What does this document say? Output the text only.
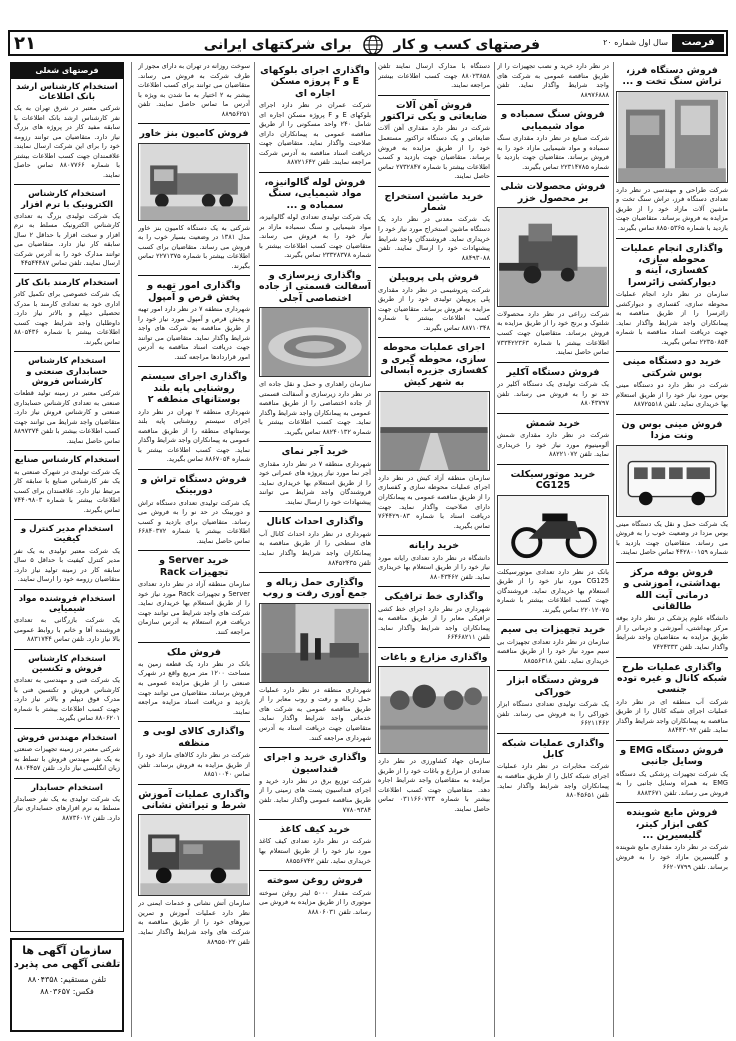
فرصت
سال اول شماره ۲۰
فرصتهای کسب و کار  برای شرکتهای ایرانی
۲۱
فروش دستگاه فرز، تراش سنگ تخت و ...

شرکت طراحی و مهندسی در نظر دارد تعدادی دستگاه فرز، تراش سنگ تخت و ماشین آلات مازاد خود را از طریق مزایده به فروش برساند. متقاضیان جهت بازدید با شماره ۸۸۵۰۵۳۶۵ تماس بگیرند.

واگذاری انجام عملیات محوطه سازی، کفسازی، آینه و دیوارکشی زائرسرا

سازمان در نظر دارد انجام عملیات محوطه سازی، کفسازی و دیوارکشی زائرسرا را از طریق مناقصه به پیمانکاران واجد شرایط واگذار نماید. جهت دریافت اسناد مناقصه با شماره ۲۲۳۵۰۸۵۴ تماس بگیرید.

خرید دو دستگاه مینی بوس شرکتی

شرکت در نظر دارد دو دستگاه مینی بوس مورد نیاز خود را از طریق استعلام بها خریداری نماید. تلفن ۸۸۷۲۵۵۱۸

فروش مینی بوس ون ونت مزدا

یک شرکت حمل و نقل یک دستگاه مینی بوس مزدا در وضعیت خوب را به فروش می رساند. متقاضیان جهت بازدید با شماره ۴۴۲۸۰۰۱۵۹ تماس حاصل نمایند.

فروش بوفه مرکز بهداشتی، آموزشی و درمانی آیت الله طالقانی

دانشگاه علوم پزشکی در نظر دارد بوفه مرکز بهداشتی، آموزشی و درمانی را از طریق مزایده به متقاضیان واجد شرایط واگذار نماید. تلفن ۷۴۲۴۳۳۳

واگذاری عملیات طرح شبکه کانال و غیره توده جنسی

شرکت آب منطقه ای در نظر دارد عملیات اجرای شبکه کانال را از طریق مناقصه به پیمانکاران واجد شرایط واگذار نماید. تلفن ۸۸۴۴۳۰۹۲

فروش دستگاه EMG و وسایل جانبی

یک شرکت تجهیزات پزشکی یک دستگاه EMG به همراه وسایل جانبی را به فروش می رساند. تلفن ۸۸۸۳۶۷۱

فروش مایع شوینده کفی ابزار کیتر، گلیسیرین ...

شرکت در نظر دارد مقداری مایع شوینده و گلیسیرین مازاد خود را به فروش برساند. تلفن ۶۶۲۰۷۷۹۹

در نظر دارد خرید و نصب تجهیزات را از طریق مناقصه عمومی به شرکت های واجد شرایط واگذار نماید. تلفن ۸۸۹۷۶۸۸۸

فروش سنگ سمباده و مواد شیمیایی

شرکت صنایع در نظر دارد مقداری سنگ سمباده و مواد شیمیایی مازاد خود را به فروش برساند. متقاضیان جهت بازدید با شماره ۲۲۳۱۴۷۸۵ تماس بگیرند.

فروش محصولات شلی بر محصول خزر

شرکت زراعی در نظر دارد محصولات شلتوک و برنج خود را از طریق مزایده به فروش برساند. متقاضیان جهت کسب اطلاعات بیشتر با شماره ۷۳۳۴۲۲۳۶۳ تماس حاصل نمایند.

فروش دستگاه آکلیر

یک شرکت تولیدی یک دستگاه آکلیر در حد نو را به فروش می رساند. تلفن ۸۸۰۴۳۷۹۷

خرید شمش

شرکت در نظر دارد مقداری شمش آلومینیوم مورد نیاز خود را خریداری نماید. تلفن ۸۸۲۲۱۰۷۲

خرید موتورسیکلت CG125

بانک در نظر دارد تعدادی موتورسیکلت CG125 مورد نیاز خود را از طریق استعلام بها خریداری نماید. فروشندگان جهت کسب اطلاعات بیشتر با شماره ۲۲۰۱۲۰۷۵ تماس بگیرند.

خرید تجهیزات بی سیم

سازمان در نظر دارد تعدادی تجهیزات بی سیم مورد نیاز خود را از طریق مناقصه خریداری نماید. تلفن ۸۸۵۵۶۳۱۸

فروش دستگاه ابزار خوراکی

یک شرکت تولیدی تعدادی دستگاه ابزار خوراکی را به فروش می رساند. تلفن ۶۶۲۱۱۴۶۲

واگذاری عملیات شبکه کابل

شرکت مخابرات در نظر دارد عملیات اجرای شبکه کابل را از طریق مناقصه به پیمانکاران واجد شرایط واگذار نماید. تلفن ۸۸۰۴۵۶۵۱

دستگاه با مدارک ارسال نمایند تلفن ۸۸۰۲۳۸۵۸ جهت کسب اطلاعات بیشتر مراجعه نمایند.

فروش آهن آلات ضایعاتی و یکی تراکتور

شرکت در نظر دارد مقداری آهن آلات ضایعاتی و یک دستگاه تراکتور مستعمل خود را از طریق مزایده به فروش برساند. متقاضیان جهت بازدید و کسب اطلاعات بیشتر با شماره ۲۷۳۲۸۴۷ تماس حاصل نمایند.

خرید ماشین استخراج شمار

یک شرکت معدنی در نظر دارد یک دستگاه ماشین استخراج مورد نیاز خود را خریداری نماید. فروشندگان واجد شرایط پیشنهادات خود را ارسال نمایند. تلفن ۸۸۴۹۳۰۸۸

فروش پلی پروپیلن

شرکت پتروشیمی در نظر دارد مقداری پلی پروپیلن تولیدی خود را از طریق مزایده به فروش برساند. متقاضیان جهت کسب اطلاعات بیشتر با شماره ۸۸۷۱۰۳۴۸ تماس بگیرند.

اجرای عملیات محوطه سازی، محوطه گیری و کفسازی جزیره آبسالی به شهر کیش

سازمان منطقه آزاد کیش در نظر دارد اجرای عملیات محوطه سازی و کفسازی را از طریق مناقصه عمومی به پیمانکاران دارای صلاحیت واگذار نماید. جهت دریافت اسناد با شماره ۷۶۴۴۲۹۰۸۳ تماس بگیرید.

خرید رایانه

دانشگاه در نظر دارد تعدادی رایانه مورد نیاز خود را از طریق استعلام بها خریداری نماید. تلفن ۸۸۰۴۳۴۶۲

واگذاری خط ترافیکی

شهرداری در نظر دارد اجرای خط کشی ترافیکی معابر را از طریق مناقصه به پیمانکاران واجد شرایط واگذار نماید. تلفن ۶۶۴۶۸۲۱۱

واگذاری مزارع و باغات

سازمان جهاد کشاورزی در نظر دارد تعدادی از مزارع و باغات خود را از طریق مزایده به متقاضیان واجد شرایط اجاره دهد. متقاضیان جهت کسب اطلاعات بیشتر با شماره ۰۳۱۱۶۶۰۷۳۳ تماس حاصل نمایند.

واگذاری اجرای بلوکهای E و F پروژه مسکن اجاره ای

شرکت عمران در نظر دارد اجرای بلوکهای E و F پروژه مسکن اجاره ای شامل ۲۴۰ واحد مسکونی را از طریق مناقصه عمومی به پیمانکاران دارای صلاحیت واگذار نماید. متقاضیان جهت دریافت اسناد مناقصه به آدرس شرکت مراجعه نمایند. تلفن ۸۸۷۲۱۶۴۲

فروش لوله گالوانیزه، مواد شیمیایی، سنگ سمباده و ...

یک شرکت تولیدی تعدادی لوله گالوانیزه، مواد شیمیایی و سنگ سمباده مازاد بر نیاز خود را به فروش می رساند. متقاضیان جهت کسب اطلاعات بیشتر با شماره ۲۳۳۲۸۳۷۸ تماس بگیرند.

واگذاری زیرسازی و آسفالت قسمتی از جاده اختصاصی آجلی

سازمان راهداری و حمل و نقل جاده ای در نظر دارد زیرسازی و آسفالت قسمتی از جاده اختصاصی را از طریق مناقصه عمومی به پیمانکاران واجد شرایط واگذار نماید. جهت کسب اطلاعات بیشتر با شماره ۸۸۲۴۰۱۳۲ تماس بگیرید.

خرید آجر نمای

شهرداری منطقه ۷ در نظر دارد مقداری آجر نما مورد نیاز پروژه های عمرانی خود را از طریق استعلام بها خریداری نماید. فروشندگان واجد شرایط می توانند پیشنهادات خود را ارسال نمایند.

واگذاری احداث کانال

شهرداری در نظر دارد احداث کانال آب های سطحی را از طریق مناقصه به پیمانکاران واجد شرایط واگذار نماید. تلفن ۸۸۴۵۲۴۳۵

واگذاری حمل زباله و جمع آوری رفت و روب

شهرداری منطقه در نظر دارد عملیات حمل زباله و رفت و روب معابر را از طریق مناقصه عمومی به شرکت های خدماتی واجد شرایط واگذار نماید. متقاضیان جهت دریافت اسناد به آدرس شهرداری مراجعه کنند.

واگذاری خرید و اجرای فنداسیون

شرکت توزیع برق در نظر دارد خرید و اجرای فنداسیون پست های زمینی را از طریق مناقصه عمومی واگذار نماید. تلفن ۷۷۸۰۹۳۸۴

خرید کیف کاغذ

شرکت در نظر دارد تعدادی کیف کاغذ مورد نیاز خود را از طریق استعلام بها خریداری نماید. تلفن ۸۸۵۵۶۷۴۲

فروش روغن سوخته

شرکت مقدار ۵۰۰۰ لیتر روغن سوخته موتوری را از طریق مزایده به فروش می رساند. تلفن ۸۸۸۰۶۰۳۱

سوخت روزانه در تهران به دارای مجوز از طرف شرکت به فروش می رساند. متقاضیان می توانند برای کسب اطلاعات بیشتر به ۲ اختیار به ما شدن به ویژه با آدرس ما تماس حاصل نمایند. تلفن ۸۸۹۵۶۲۵۱

فروش کامیون بنز خاور

شرکتی به یک دستگاه کامیون بنز خاور مدل ۱۳۸۱ در وضعیت بسیار خوب را به فروش می رساند. متقاضیان برای کسب اطلاعات بیشتر با شماره ۲۲۷۱۳۷۵ تماس بگیرند.

واگذاری امور تهیه و پخش قرص و آمپول

شهرداری منطقه ۷ در نظر دارد امور تهیه و پخش قرص و آمپول مورد نیاز خود را از طریق مناقصه به شرکت های واجد شرایط واگذار نماید. متقاضیان می توانند جهت دریافت اسناد مناقصه به آدرس امور قراردادها مراجعه کنند.

واگذاری اجرای سیستم روشنایی پایه بلند بوستانهای منطقه ۲

شهرداری منطقه ۲ تهران در نظر دارد اجرای سیستم روشنایی پایه بلند بوستانهای منطقه را از طریق مناقصه عمومی به پیمانکاران واجد شرایط واگذار نماید. جهت کسب اطلاعات بیشتر با شماره ۸۸۶۷۰۵۴ تماس بگیرید.

فروش دستگاه تراش و دوربینک

یک شرکت تولیدی تعدادی دستگاه تراش و دوربینک در حد نو را به فروش می رساند. متقاضیان برای بازدید و کسب اطلاعات بیشتر با شماره ۶۶۸۴۰۳۷۲ تماس حاصل نمایند.

خرید Server و تجهیزات Rack

سازمان منطقه آزاد در نظر دارد تعدادی Server و تجهیزات Rack مورد نیاز خود را از طریق استعلام بها خریداری نماید. شرکت های واجد شرایط می توانند جهت دریافت فرم استعلام به آدرس سازمان مراجعه کنند.

فروش ملک

بانک در نظر دارد یک قطعه زمین به مساحت ۱۲۰۰ متر مربع واقع در شهرک صنعتی را از طریق مزایده عمومی به فروش برساند. متقاضیان می توانند جهت بازدید و دریافت اسناد مزایده مراجعه نمایند.

واگذاری کالای لوبی و منظفه

شرکت در نظر دارد کالاهای مازاد خود را از طریق مزایده به فروش برساند. تلفن تماس ۸۸۵۱۰۰۴۰

واگذاری عملیات آموزش شرط و تیراتش نشانی

سازمان آتش نشانی و خدمات ایمنی در نظر دارد عملیات آموزش و تمرین نیروهای خود را از طریق مناقصه به شرکت های واجد شرایط واگذار نماید. تلفن ۸۸۹۵۵۰۲۲

فرصتهای شغلی
استخدام کارشناس ارشد بانک اطلاعات

شرکتی معتبر در شرق تهران به یک نفر کارشناس ارشد بانک اطلاعات با سابقه مفید کار در پروژه های بزرگ نیاز دارد. متقاضیان می توانند رزومه خود را برای این شرکت ارسال نمایند. علاقمندان جهت کسب اطلاعات بیشتر با شماره ۸۸۰۷۷۶۶ تماس حاصل نمایند.

استخدام کارشناس الکترونیک با ترم افزار

یک شرکت تولیدی بزرگ به تعدادی کارشناس الکترونیک مسلط به نرم افزار و سخت افزار با حداقل ۲ سال سابقه کار نیاز دارد. متقاضیان می توانند مدارک خود را به آدرس شرکت ارسال نمایند. تلفن تماس ۴۴۵۴۴۴۸۷

استخدام کارمند بانک کار

یک شرکت خصوصی برای تکمیل کادر اداری خود به تعدادی کارمند با مدرک تحصیلی دیپلم و بالاتر نیاز دارد. داوطلبان واجد شرایط جهت کسب اطلاعات بیشتر با شماره ۸۸۰۵۴۳۶ تماس بگیرند.

استخدام کارشناس حسابداری صنعتی و کارشناس فروش

شرکتی معتبر در زمینه تولید قطعات صنعتی به تعدادی کارشناس حسابداری صنعتی و کارشناس فروش نیاز دارد. متقاضیان واجد شرایط می توانند جهت کسب اطلاعات بیشتر با تلفن ۸۸۹۷۳۷۴ تماس حاصل نمایند.

استخدام کارشناس صنایع

یک شرکت تولیدی در شهرک صنعتی به یک نفر کارشناس صنایع با سابقه کار مرتبط نیاز دارد. علاقمندان برای کسب اطلاعات بیشتر با شماره ۷۴۴۰۹۸۰۳ تماس بگیرند.

استخدام مدیر کنترل و کیفیت

یک شرکت معتبر تولیدی به یک نفر مدیر کنترل کیفیت با حداقل ۵ سال سابقه کار در زمینه تولید نیاز دارد. متقاضیان رزومه خود را ارسال نمایند.

استخدام فروشنده مواد شیمیایی

یک شرکت بازرگانی به تعدادی فروشنده آقا و خانم با روابط عمومی بالا نیاز دارد. تلفن تماس ۸۸۳۱۷۴۴

استخدام کارشناس فروش و تکنسین

یک شرکت فنی و مهندسی به تعدادی کارشناس فروش و تکنسین فنی با مدرک فوق دیپلم و بالاتر نیاز دارد. جهت کسب اطلاعات بیشتر با شماره ۸۸۰۶۲۰۱ تماس بگیرید.

استخدام مهندس فروش

شرکتی معتبر در زمینه تجهیزات صنعتی به یک نفر مهندس فروش با تسلط به زبان انگلیسی نیاز دارد. تلفن ۸۸۰۴۴۵۷

استخدام حسابدار

یک شرکت تولیدی به یک نفر حسابدار مسلط به نرم افزارهای حسابداری نیاز دارد. تلفن ۸۸۷۳۶۰۱۲

سازمان آگهی ها
تلفنی آگهی می پذیرد
تلفن مستقیم: ۸۸۰۴۳۵۸
فکس: ۸۸۰۳۶۵۷
